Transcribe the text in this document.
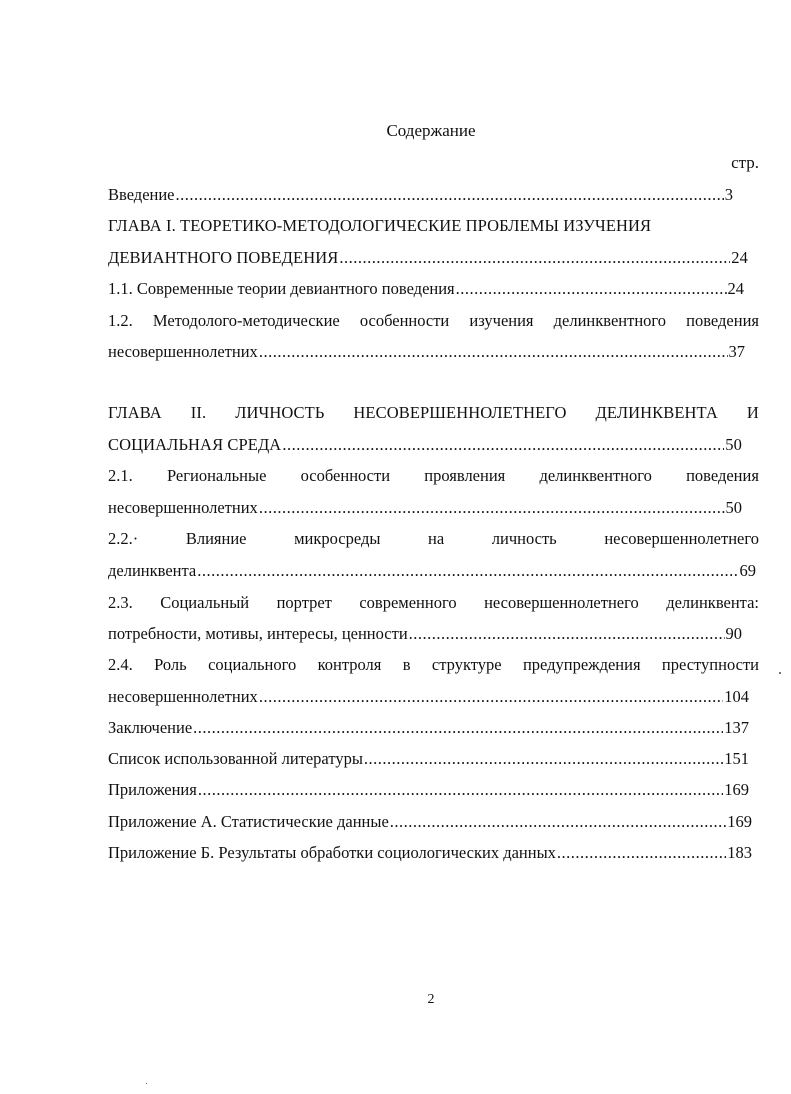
Содержание
стр.
Введение .....	3
ГЛАВА I. ТЕОРЕТИКО-МЕТОДОЛОГИЧЕСКИЕ ПРОБЛЕМЫ ИЗУЧЕНИЯ
ДЕВИАНТНОГО ПОВЕДЕНИЯ .....	24
1.1. Современные теории девиантного поведения .....	24
1.2. Методолого-методические особенности изучения делинквентного поведения
несовершеннолетних .....	37
ГЛАВА II. ЛИЧНОСТЬ НЕСОВЕРШЕННОЛЕТНЕГО ДЕЛИНКВЕНТА И
СОЦИАЛЬНАЯ СРЕДА .....	50
2.1. Региональные особенности проявления делинквентного поведения
несовершеннолетних .....	50
2.2.·	Влияние	микросреды	на	личность	несовершеннолетнего
делинквента .....	69
2.3. Социальный портрет современного несовершеннолетнего делинквента:
потребности, мотивы, интересы, ценности .....	90
2.4. Роль социального контроля в структуре предупреждения преступности
несовершеннолетних .....	104
Заключение .....	137
Список использованной литературы .....	151
Приложения .....	169
Приложение А. Статистические данные .....	169
Приложение Б. Результаты обработки социологических данных .....	183
2
